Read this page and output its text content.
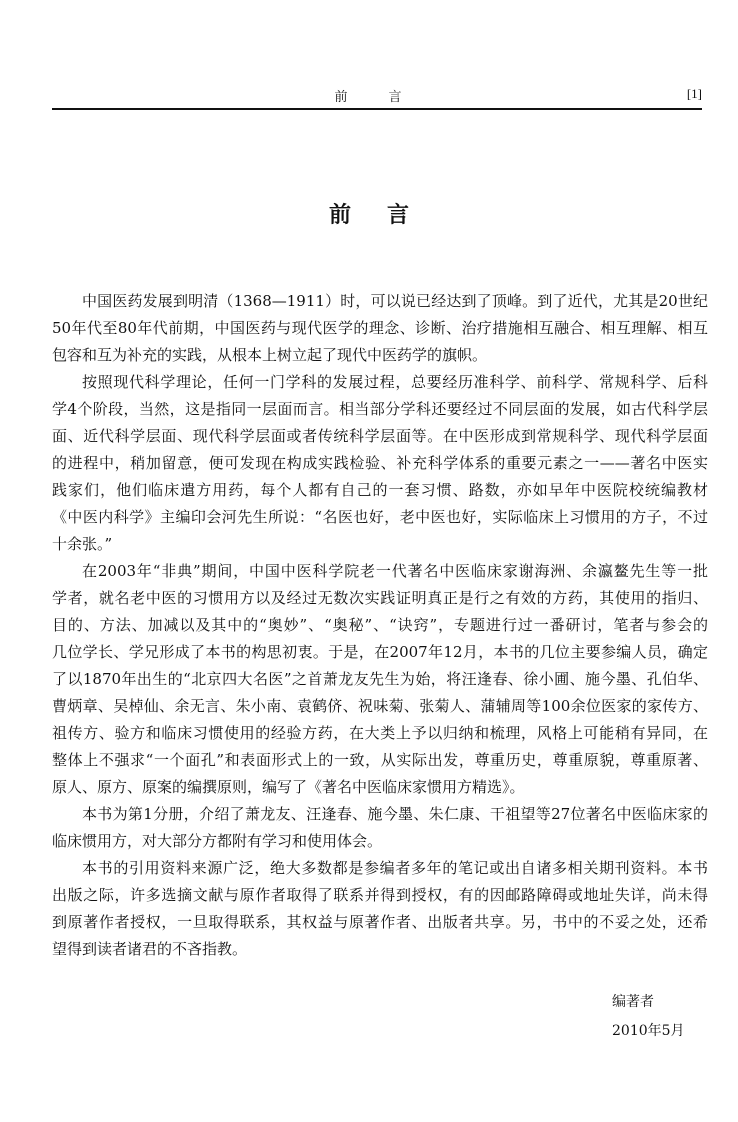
前　言	[1]
前言
中国医药发展到明清（1368—1911）时，可以说已经达到了顶峰。到了近代，尤其是20世纪
50年代至80年代前期，中国医药与现代医学的理念、诊断、治疗措施相互融合、相互理解、相互
包容和互为补充的实践，从根本上树立起了现代中医药学的旗帜。
按照现代科学理论，任何一门学科的发展过程，总要经历准科学、前科学、常规科学、后科
学4个阶段，当然，这是指同一层面而言。相当部分学科还要经过不同层面的发展，如古代科学层
面、近代科学层面、现代科学层面或者传统科学层面等。在中医形成到常规科学、现代科学层面
的进程中，稍加留意，便可发现在构成实践检验、补充科学体系的重要元素之一——著名中医实
践家们，他们临床遣方用药，每个人都有自己的一套习惯、路数，亦如早年中医院校统编教材
《中医内科学》主编印会河先生所说：“名医也好，老中医也好，实际临床上习惯用的方子，不过
十余张。”
在2003年“非典”期间，中国中医科学院老一代著名中医临床家谢海洲、余瀛鳌先生等一批
学者，就名老中医的习惯用方以及经过无数次实践证明真正是行之有效的方药，其使用的指归、
目的、方法、加减以及其中的“奥妙”、“奥秘”、“诀窍”，专题进行过一番研讨，笔者与参会的
几位学长、学兄形成了本书的构思初衷。于是，在2007年12月，本书的几位主要参编人员，确定
了以1870年出生的“北京四大名医”之首萧龙友先生为始，将汪逢春、徐小圃、施今墨、孔伯华、
曹炳章、吴棹仙、余无言、朱小南、袁鹤侪、祝味菊、张菊人、蒲辅周等100余位医家的家传方、
祖传方、验方和临床习惯使用的经验方药，在大类上予以归纳和梳理，风格上可能稍有异同，在
整体上不强求“一个面孔”和表面形式上的一致，从实际出发，尊重历史，尊重原貌，尊重原著、
原人、原方、原案的编撰原则，编写了《著名中医临床家惯用方精选》。
本书为第1分册，介绍了萧龙友、汪逢春、施今墨、朱仁康、干祖望等27位著名中医临床家的
临床惯用方，对大部分方都附有学习和使用体会。
本书的引用资料来源广泛，绝大多数都是参编者多年的笔记或出自诸多相关期刊资料。本书
出版之际，许多选摘文献与原作者取得了联系并得到授权，有的因邮路障碍或地址失详，尚未得
到原著作者授权，一旦取得联系，其权益与原著作者、出版者共享。另，书中的不妥之处，还希
望得到读者诸君的不吝指教。
编著者
2010年5月
